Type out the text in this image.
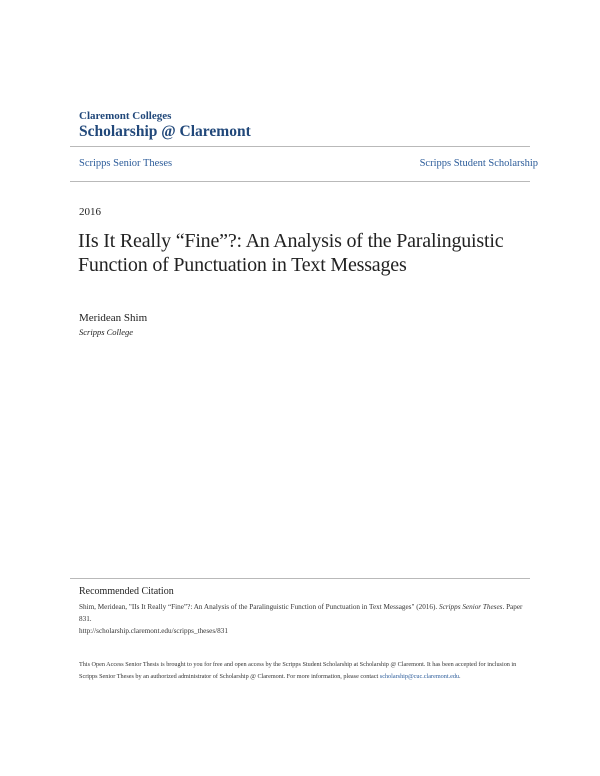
Claremont Colleges
Scholarship @ Claremont
Scripps Senior Theses	Scripps Student Scholarship
2016
IIs It Really “Fine”?: An Analysis of the Paralinguistic Function of Punctuation in Text Messages
Meridean Shim
Scripps College
Recommended Citation
Shim, Meridean, "IIs It Really “Fine”?: An Analysis of the Paralinguistic Function of Punctuation in Text Messages" (2016). Scripps Senior Theses. Paper 831.
http://scholarship.claremont.edu/scripps_theses/831
This Open Access Senior Thesis is brought to you for free and open access by the Scripps Student Scholarship at Scholarship @ Claremont. It has been accepted for inclusion in Scripps Senior Theses by an authorized administrator of Scholarship @ Claremont. For more information, please contact scholarship@cuc.claremont.edu.
